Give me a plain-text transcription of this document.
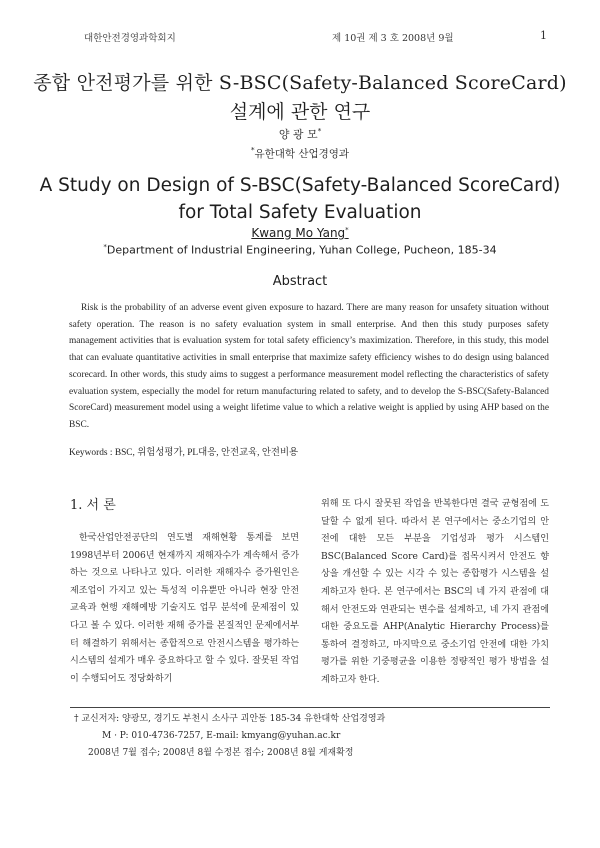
대한안전경영과학회지	제 10권 제 3 호 2008년 9월	1
종합 안전평가를 위한 S-BSC(Safety-Balanced ScoreCard)
설계에 관한 연구
양 광 모*
*유한대학 산업경영과
A Study on Design of S-BSC(Safety-Balanced ScoreCard)
for Total Safety Evaluation
Kwang Mo Yang*
*Department of Industrial Engineering, Yuhan College, Pucheon, 185-34
Abstract

Risk is the probability of an adverse event given exposure to hazard. There are many reason for unsafety situation without safety operation. The reason is no safety evaluation system in small enterprise. And then this study purposes safety management activities that is evaluation system for total safety efficiency’s maximization. Therefore, in this study, this model that can evaluate quantitative activities in small enterprise that maximize safety efficiency wishes to do design using balanced scorecard. In other words, this study aims to suggest a performance measurement model reflecting the characteristics of safety evaluation system, especially the model for return manufacturing related to safety, and to develop the S-BSC(Safety-Balanced ScoreCard) measurement model using a weight lifetime value to which a relative weight is applied by using AHP based on the BSC.

Keywords : BSC, 위험성평가, PL대응, 안전교육, 안전비용
1. 서 론

한국산업안전공단의 연도별 재해현황 통계를 보면 1998년부터 2006년 현재까지 재해자수가 계속해서 증가하는 것으로 나타나고 있다. 이러한 재해자수 증가원인은 제조업이 가지고 있는 특성적 이유뿐만 아니라 현장 안전교육과 현행 재해예방 기술지도 업무 분석에 문제점이 있다고 볼 수 있다. 이러한 재해 증가를 본질적인 문제에서부터 해결하기 위해서는 종합적으로 안전시스템을 평가하는 시스템의 설계가 매우 중요하다고 할 수 있다. 잘못된 작업이 수행되어도 정당화하기

위해 또 다시 잘못된 작업을 반복한다면 결국 균형점에 도달할 수 없게 된다. 따라서 본 연구에서는 중소기업의 안전에 대한 모든 부분을 기업성과 평가 시스템인 BSC(Balanced Score Card)를 접목시켜서 안전도 향상을 개선할 수 있는 시각 수 있는 종합평가 시스템을 설계하고자 한다. 본 연구에서는 BSC의 네 가지 관점에 대해서 안전도와 연관되는 변수를 설계하고, 네 가지 관점에 대한 중요도를 AHP(Analytic Hierarchy Process)를 통하여 결정하고, 마지막으로 중소기업 안전에 대한 가치평가를 위한 기중평균을 이용한 정량적인 평가 방법을 설계하고자 한다.

† 교신저자: 양광모, 경기도 부천시 소사구 괴안동 185-34 유한대학 산업경영과
M · P: 010-4736-7257, E-mail: kmyang@yuhan.ac.kr
2008년 7월 접수; 2008년 8월 수정본 접수; 2008년 8월 게재확정
